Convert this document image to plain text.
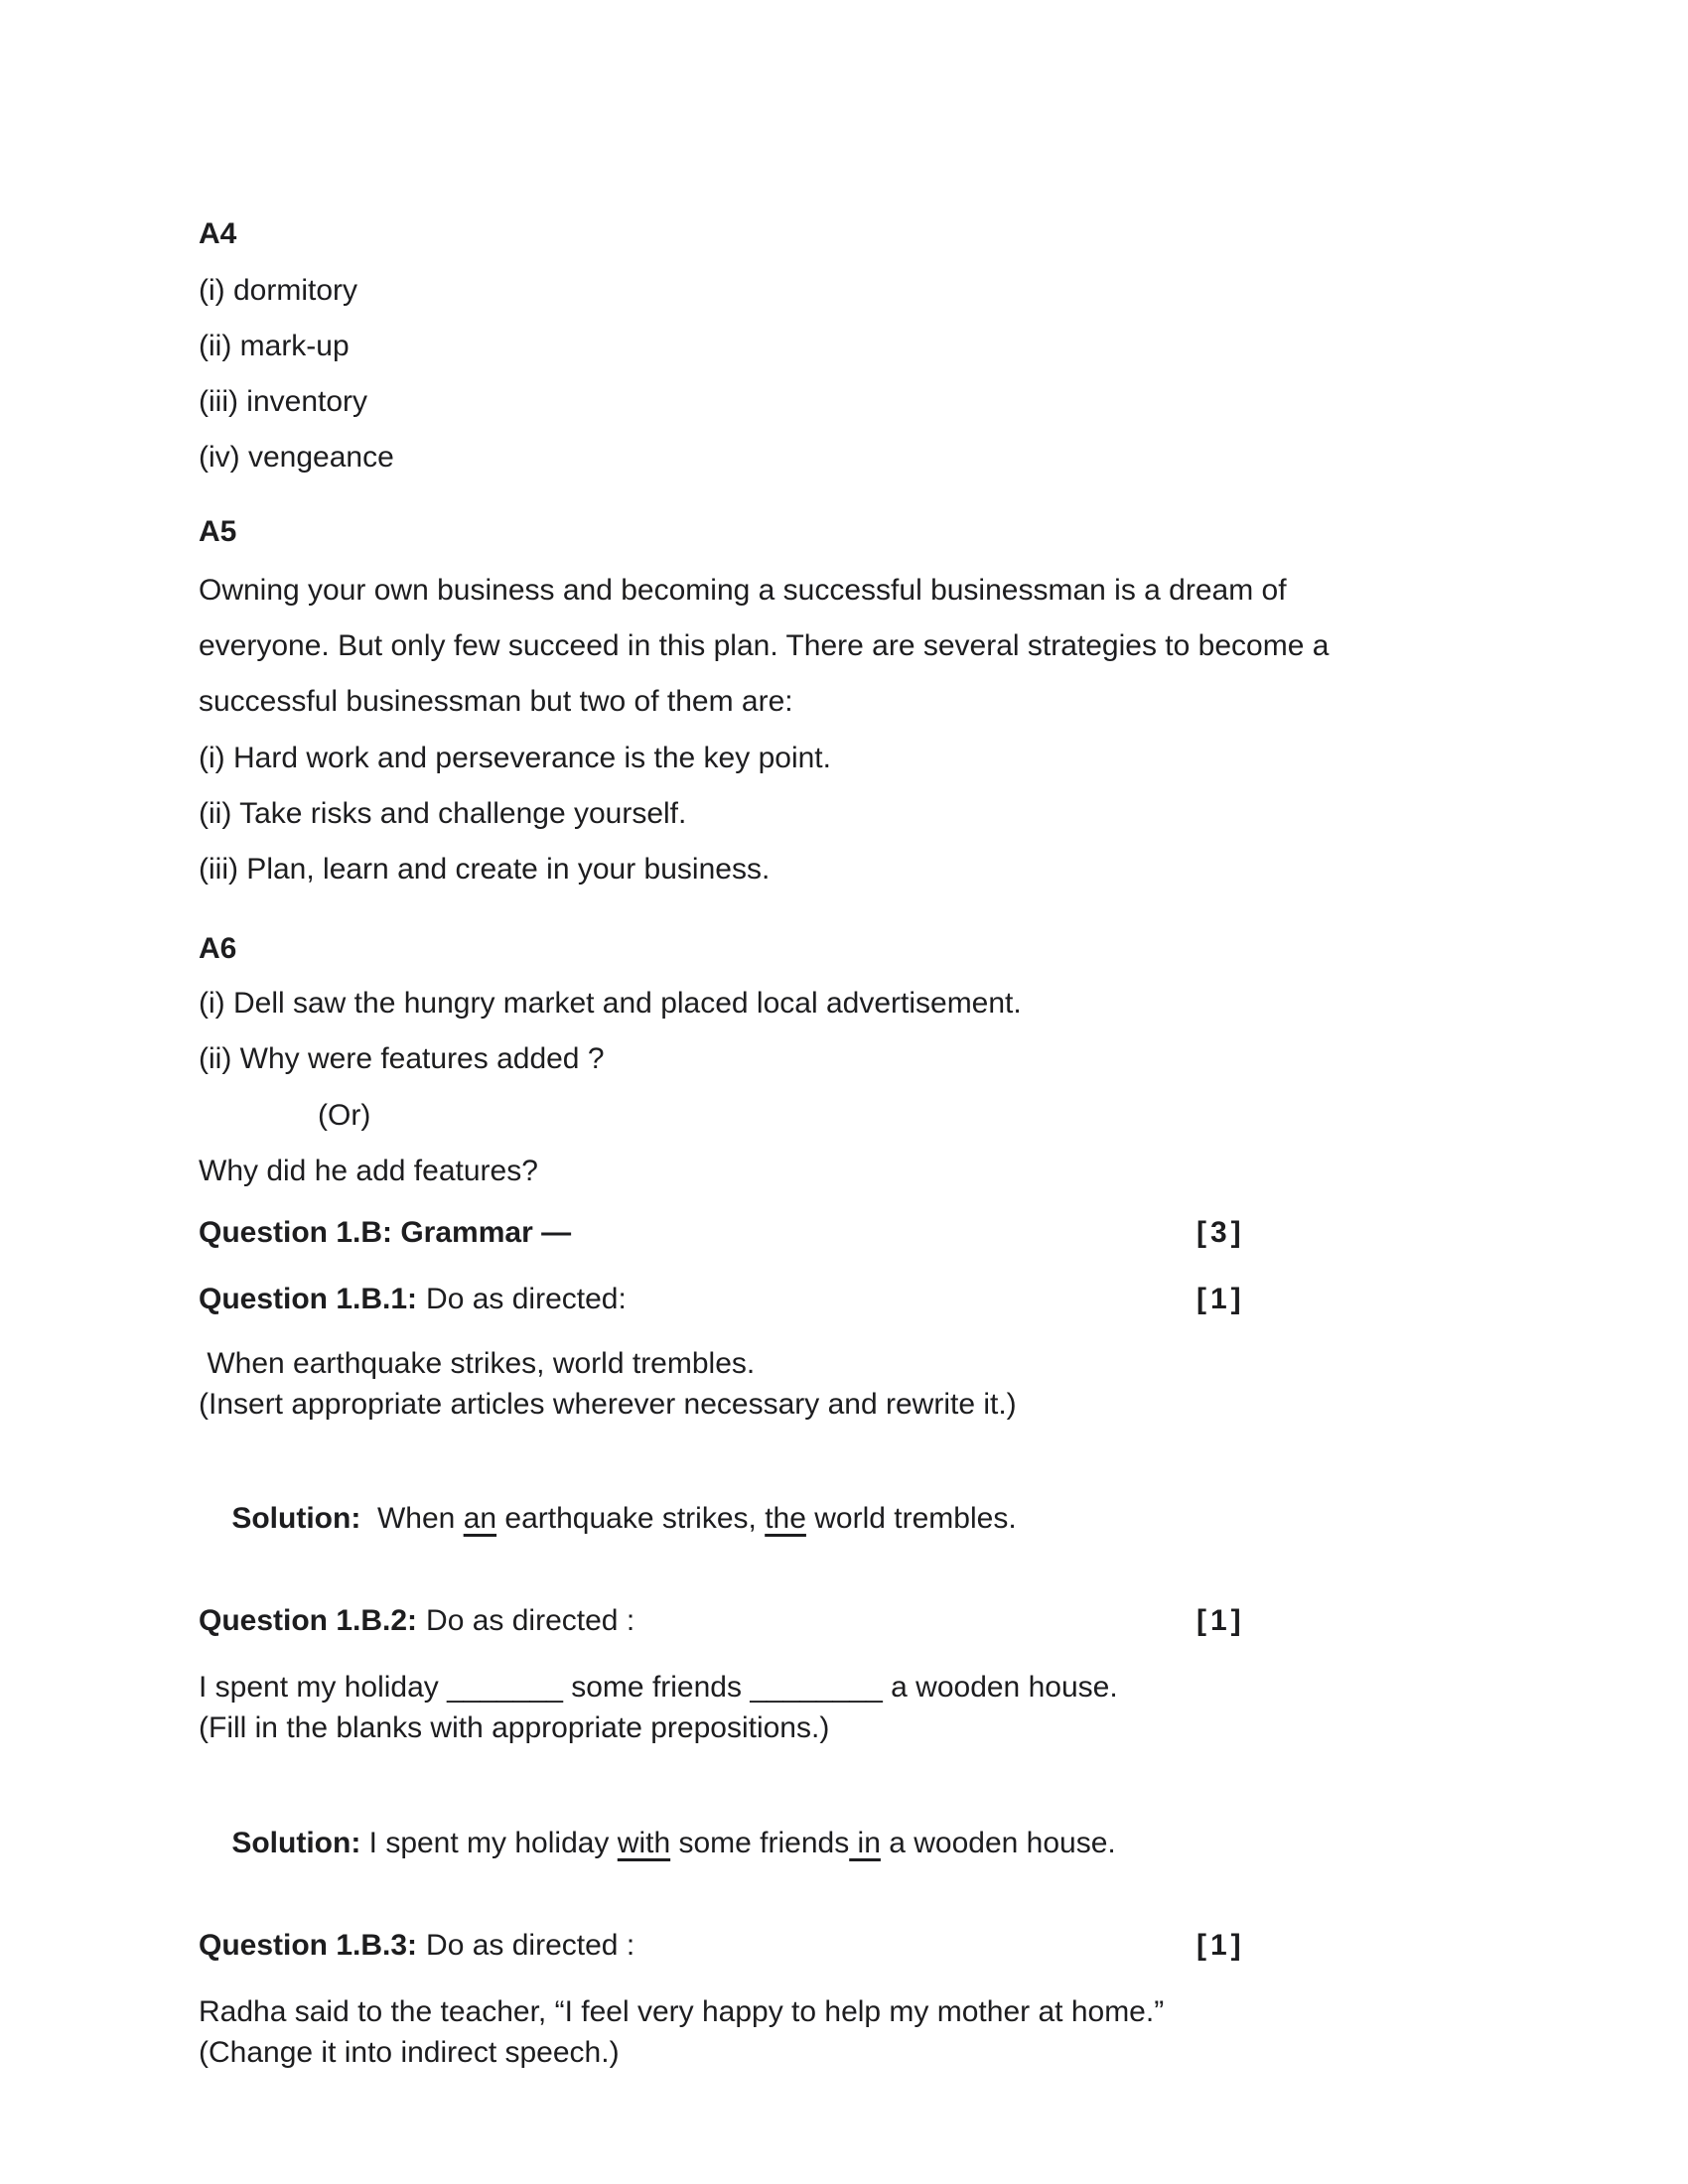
A4
(i) dormitory
(ii) mark-up
(iii) inventory
(iv) vengeance
A5
Owning your own business and becoming a successful businessman is a dream of
everyone. But only few succeed in this plan. There are several strategies to become a
successful businessman but two of them are:
(i) Hard work and perseverance is the key point.
(ii) Take risks and challenge yourself.
(iii) Plan, learn and create in your business.
A6
(i) Dell saw the hungry market and placed local advertisement.
(ii) Why were features added ?
(Or)
Why did he add features?
Question 1.B: Grammar —	[3]
Question 1.B.1: Do as directed:	[1]
When earthquake strikes, world trembles.
(Insert appropriate articles wherever necessary and rewrite it.)

Solution:  When an earthquake strikes, the world trembles.

Question 1.B.2: Do as directed :	[1]
I spent my holiday _______ some friends ________ a wooden house.
(Fill in the blanks with appropriate prepositions.)

Solution: I spent my holiday with some friends in a wooden house.

Question 1.B.3: Do as directed :	[1]
Radha said to the teacher, “I feel very happy to help my mother at home.”
(Change it into indirect speech.)
